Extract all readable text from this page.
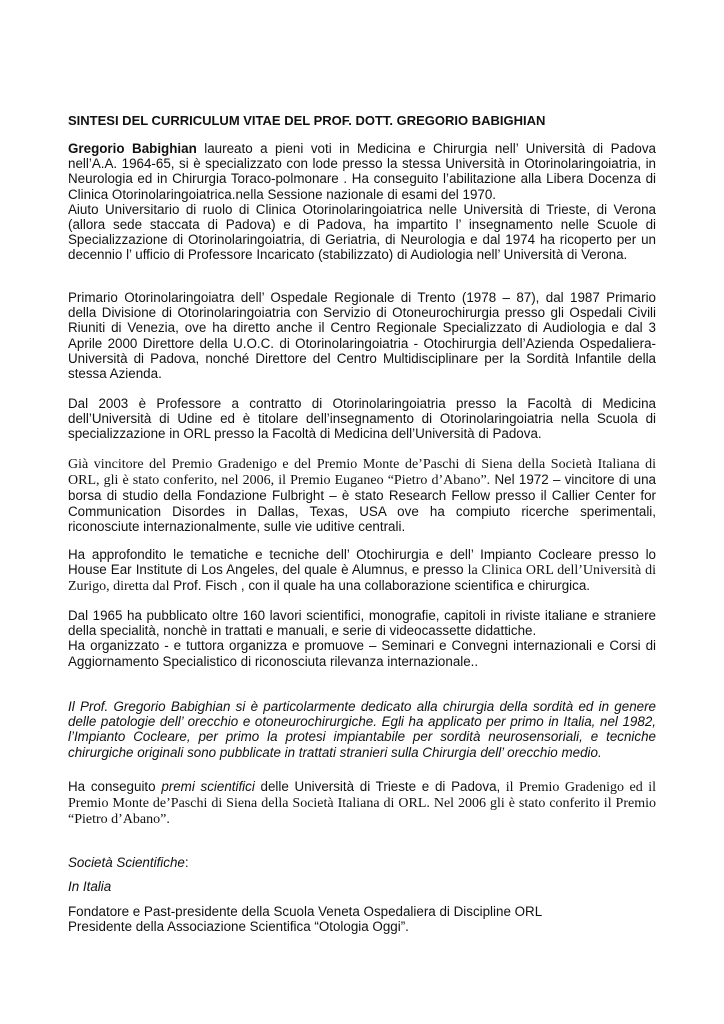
SINTESI DEL CURRICULUM VITAE DEL PROF. DOTT. GREGORIO BABIGHIAN

Gregorio Babighian laureato a pieni voti in Medicina e Chirurgia nell’ Università di Padova nell’A.A. 1964-65, si è specializzato con lode presso la stessa Università in Otorinolaringoiatria, in Neurologia ed in Chirurgia Toraco-polmonare . Ha conseguito l’abilitazione alla Libera Docenza di Clinica Otorinolaringoiatrica.nella Sessione nazionale di esami del 1970.

Aiuto Universitario di ruolo di Clinica Otorinolaringoiatrica nelle Università di Trieste, di Verona (allora sede staccata di Padova) e di Padova, ha impartito l’ insegnamento nelle Scuole di Specializzazione di Otorinolaringoiatria, di Geriatria, di Neurologia e dal 1974 ha ricoperto per un decennio l’ ufficio di Professore Incaricato (stabilizzato) di Audiologia nell’ Università di Verona.

Primario Otorinolaringoiatra dell’ Ospedale Regionale di Trento (1978 – 87), dal 1987 Primario della Divisione di Otorinolaringoiatria con Servizio di Otoneurochirurgia presso gli Ospedali Civili Riuniti di Venezia, ove ha diretto anche il Centro Regionale Specializzato di Audiologia e dal 3 Aprile 2000 Direttore della U.O.C. di Otorinolaringoiatria - Otochirurgia dell’Azienda Ospedaliera-Università di Padova, nonché Direttore del Centro Multidisciplinare per la Sordità Infantile della stessa Azienda.

Dal 2003 è Professore a contratto di Otorinolaringoiatria presso la Facoltà di Medicina dell’Università di Udine ed è titolare dell’insegnamento di Otorinolaringoiatria nella Scuola di specializzazione in ORL presso la Facoltà di Medicina dell’Università di Padova.

Già vincitore del Premio Gradenigo e del Premio Monte de’Paschi di Siena della Società Italiana di ORL, gli è stato conferito, nel 2006, il Premio Euganeo “Pietro d’Abano”. Nel 1972 – vincitore di una borsa di studio della Fondazione Fulbright – è stato Research Fellow presso il Callier Center for Communication Disordes in Dallas, Texas, USA ove ha compiuto ricerche sperimentali, riconosciute internazionalmente, sulle vie uditive centrali.

Ha approfondito le tematiche e tecniche dell’ Otochirurgia e dell’ Impianto Cocleare presso lo House Ear Institute di Los Angeles, del quale è Alumnus, e presso la Clinica ORL dell’Università di Zurigo, diretta dal Prof. Fisch , con il quale ha una collaborazione scientifica e chirurgica.

Dal 1965 ha pubblicato oltre 160 lavori scientifici, monografie, capitoli in riviste italiane e straniere della specialità, nonchè in trattati e manuali, e serie di videocassette didattiche.

Ha organizzato - e tuttora organizza e promuove – Seminari e Convegni internazionali e Corsi di Aggiornamento Specialistico di riconosciuta rilevanza internazionale..

Il Prof. Gregorio Babighian si è particolarmente dedicato alla chirurgia della sordità ed in genere delle patologie dell’ orecchio e otoneurochirurgiche. Egli ha applicato per primo in Italia, nel 1982, l’Impianto Cocleare, per primo la protesi impiantabile per sordità neurosensoriali, e tecniche chirurgiche originali sono pubblicate in trattati stranieri sulla Chirurgia dell’ orecchio medio.

Ha conseguito premi scientifici delle Università di Trieste e di Padova, il Premio Gradenigo ed il Premio Monte de’Paschi di Siena della Società Italiana di ORL. Nel 2006 gli è stato conferito il Premio “Pietro d’Abano”.

Società Scientifiche:

In Italia

Fondatore e Past-presidente della Scuola Veneta Ospedaliera di Discipline ORL

Presidente della Associazione Scientifica “Otologia Oggi”.
